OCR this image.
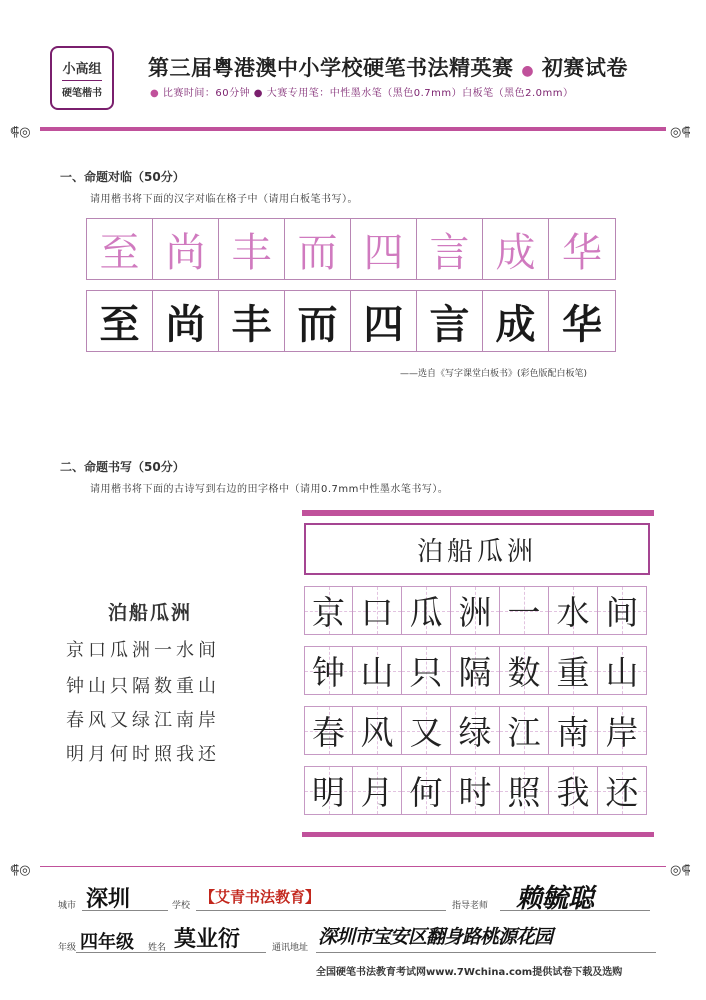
小高组
硬笔楷书
第三届粤港澳中小学校硬笔书法精英赛 ● 初赛试卷
● 比赛时间：60分钟 ● 大赛专用笔：中性墨水笔（黑色0.7mm）白板笔（黑色2.0mm）
⸿◎	◎⸿
一、命题对临（50分）
请用楷书将下面的汉字对临在格子中（请用白板笔书写）。
至 尚 丰 而 四 言 成 华
至 尚 丰 而 四 言 成 华
——选自《写字课堂白板书》(彩色版配白板笔)
二、命题书写（50分）
请用楷书将下面的古诗写到右边的田字格中（请用0.7mm中性墨水笔书写）。
泊船瓜洲
京 口 瓜 洲 一 水 间
钟 山 只 隔 数 重 山
春 风 又 绿 江 南 岸
明 月 何 时 照 我 还
泊船瓜洲
京口瓜洲一水间
钟山只隔数重山
春风又绿江南岸
明月何时照我还
⸿◎	◎⸿
城市 深圳	学校 【艾青书法教育】	指导老师 赖毓聪
年级 四年级 姓名 莫业衍	通讯地址 深圳市宝安区翻身路桃源花园
全国硬笔书法教育考试网www.7Wchina.com提供试卷下载及选购
